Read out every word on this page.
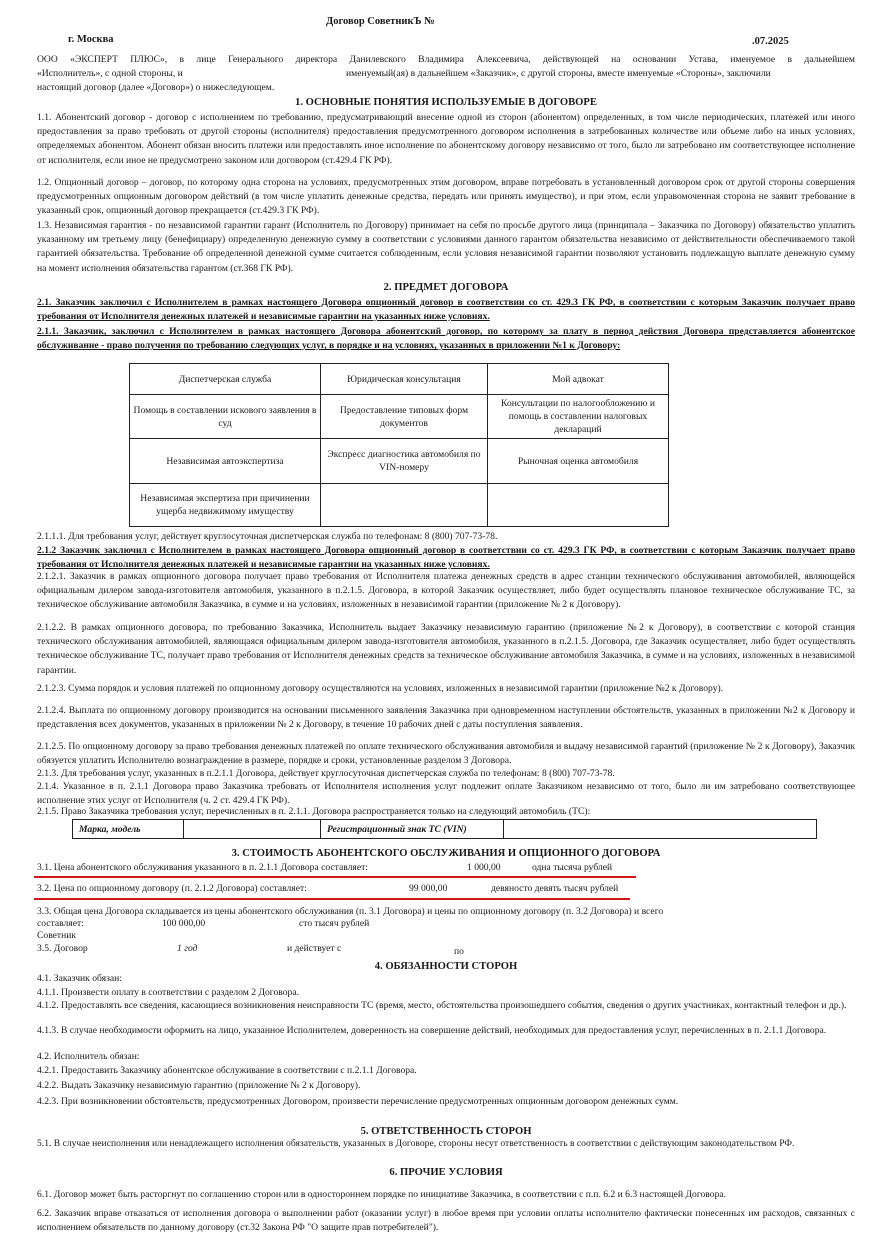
Договор СоветникЪ №
г. Москва	.07.2025
ООО «ЭКСПЕРТ ПЛЮС», в лице Генерального директора Данилевского Владимира Алексеевича, действующей на основании Устава, именуемое в дальнейшем
«Исполнитель», с одной стороны, и	именуемый(ая) в дальнейшем «Заказчик», с другой стороны, вместе именуемые «Стороны», заключили
настоящий договор (далее «Договор») о нижеследующем.
1. ОСНОВНЫЕ ПОНЯТИЯ ИСПОЛЬЗУЕМЫЕ В ДОГОВОРЕ
1.1. Абонентский договор - договор с исполнением по требованию, предусматривающий внесение одной из сторон (абонентом) определенных, в том числе периодических, платежей или иного предоставления за право требовать от другой стороны (исполнителя) предоставления предусмотренного договором исполнения в затребованных количестве или объеме либо на иных условиях, определяемых абонентом. Абонент обязан вносить платежи или предоставлять иное исполнение по абонентскому договору независимо от того, было ли затребовано им соответствующее исполнение от исполнителя, если иное не предусмотрено законом или договором (ст.429.4 ГК РФ).
1.2. Опционный договор – договор, по которому одна сторона на условиях, предусмотренных этим договором, вправе потребовать в установленный договором срок от другой стороны совершения предусмотренных опционным договором действий (в том числе уплатить денежные средства, передать или принять имущество), и при этом, если управомоченная сторона не заявит требование в указанный срок, опционный договор прекращается (ст.429.3 ГК РФ).
1.3. Независимая гарантия - по независимой гарантии гарант (Исполнитель по Договору) принимает на себя по просьбе другого лица (принципала – Заказчика по Договору) обязательство уплатить указанному им третьему лицу (бенефициару) определенную денежную сумму в соответствии с условиями данного гарантом обязательства независимо от действительности обеспечиваемого такой гарантией обязательства. Требование об определенной денежной сумме считается соблюденным, если условия независимой гарантии позволяют установить подлежащую выплате денежную сумму на момент исполнения обязательства гарантом (ст.368 ГК РФ).
2. ПРЕДМЕТ ДОГОВОРА
2.1. Заказчик заключил с Исполнителем в рамках настоящего Договора опционный договор в соответствии со ст. 429.3 ГК РФ, в соответствии с которым Заказчик получает право требования от Исполнителя денежных платежей и независимые гарантии на указанных ниже условиях.
2.1.1. Заказчик, заключил с Исполнителем в рамках настоящего Договора абонентский договор, по которому за плату в период действия Договора представляется абонентское обслуживание - право получения по требованию следующих услуг, в порядке и на условиях, указанных в приложении №1 к Договору:
Диспетчерская служба	Юридическая консультация	Мой адвокат
Помощь в составлении искового заявления в суд	Предоставление типовых форм документов	Консультации по налогообложению и помощь в составлении налоговых деклараций
Независимая автоэкспертиза	Экспресс диагностика автомобиля по VIN-номеру	Рыночная оценка автомобиля
Независимая экспертиза при причинении ущерба недвижимому имуществу		
2.1.1.1. Для требования услуг, действует круглосуточная диспетчерская служба по телефонам: 8 (800) 707-73-78.
2.1.2 Заказчик заключил с Исполнителем в рамках настоящего Договора опционный договор в соответствии со ст. 429.3 ГК РФ, в соответствии с которым Заказчик получает право требования от Исполнителя денежных платежей и независимые гарантии на указанных ниже условиях.
2.1.2.1. Заказчик в рамках опционного договора получает право требования от Исполнителя платежа денежных средств в адрес станции технического обслуживания автомобилей, являющейся официальным дилером завода-изготовителя автомобиля, указанного в п.2.1.5. Договора, в которой Заказчик осуществляет, либо будет осуществлять плановое техническое обслуживание ТС, за техническое обслуживание автомобиля Заказчика, в сумме и на условиях, изложенных в независимой гарантии (приложение № 2 к Договору).
2.1.2.2. В рамках опционного договора, по требованию Заказчика, Исполнитель выдает Заказчику независимую гарантию (приложение №2 к Договору), в соответствии с которой станция технического обслуживания автомобилей, являющаяся официальным дилером завода-изготовителя автомобиля, указанного в п.2.1.5. Договора, где Заказчик осуществляет, либо будет осуществлять техническое обслуживание ТС, получает право требования от Исполнителя денежных средств за техническое обслуживание автомобиля Заказчика, в сумме и на условиях, изложенных в независимой гарантии.
2.1.2.3. Сумма порядок и условия платежей по опционному договору осуществляются на условиях, изложенных в независимой гарантии (приложение №2 к Договору).
2.1.2.4. Выплата по опционному договору производится на основании письменного заявления Заказчика при одновременном наступлении обстоятельств, указанных в приложении №2 к Договору и представления всех документов, указанных в приложении № 2 к Договору, в течение 10 рабочих дней с даты поступления заявления.
2.1.2.5. По опционному договору за право требования денежных платежей по оплате технического обслуживания автомобиля и выдачу независимой гарантий (приложение № 2 к Договору), Заказчик обязуется уплатить Исполнителю вознаграждение в размере, порядке и сроки, установленные разделом 3 Договора.
2.1.3. Для требования услуг, указанных в п.2.1.1 Договора, действует круглосуточная диспетчерская служба по телефонам: 8 (800) 707-73-78.
2.1.4. Указанное в п. 2.1.1 Договора право Заказчика требовать от Исполнителя исполнения услуг подлежит оплате Заказчиком независимо от того, было ли им затребовано соответствующее исполнение этих услуг от Исполнителя (ч. 2 ст. 429.4 ГК РФ).
2.1.5. Право Заказчика требования услуг, перечисленных в п. 2.1.1. Договора распространяется только на следующий автомобиль (ТС):
Марка, модель		Регистрационный знак ТС (VIN)	
3. СТОИМОСТЬ АБОНЕНТСКОГО ОБСЛУЖИВАНИЯ И ОПЦИОННОГО ДОГОВОРА
3.1. Цена абонентского обслуживания указанного в п. 2.1.1 Договора составляет:	1 000,00	одна тысяча рублей
3.2. Цена по опционному договору (п. 2.1.2 Договора) составляет:	99 000,00	девяносто девять тысяч рублей
3.3. Общая цена Договора складывается из цены абонентского обслуживания (п. 3.1 Договора) и цены по опционному договору (п. 3.2 Договора) и всего
составляет:	100 000,00	сто тысяч рублей
Советник
3.5. Договор	1 год	и действует с	по
4. ОБЯЗАННОСТИ СТОРОН
4.1. Заказчик обязан:
4.1.1. Произвести оплату в соответствии с разделом 2 Договора.
4.1.2. Предоставлять все сведения, касающиеся возникновения неисправности ТС (время, место, обстоятельства произошедшего события, сведения о других участниках, контактный телефон и др.).
4.1.3. В случае необходимости оформить на лицо, указанное Исполнителем, доверенность на совершение действий, необходимых для предоставления услуг, перечисленных в п. 2.1.1 Договора.
4.2. Исполнитель обязан:
4.2.1. Предоставить Заказчику абонентское обслуживание в соответствии с п.2.1.1 Договора.
4.2.2. Выдать Заказчику независимую гарантию (приложение № 2 к Договору).
4.2.3. При возникновении обстоятельств, предусмотренных Договором, произвести перечисление предусмотренных опционным договором денежных сумм.
5. ОТВЕТСТВЕННОСТЬ СТОРОН
5.1. В случае неисполнения или ненадлежащего исполнения обязательств, указанных в Договоре, стороны несут ответственность в соответствии с действующим законодательством РФ.
6. ПРОЧИЕ УСЛОВИЯ
6.1. Договор может быть расторгнут по соглашению сторон или в одностороннем порядке по инициативе Заказчика, в соответствии с п.п. 6.2 и 6.3 настоящей Договора.
6.2. Заказчик вправе отказаться от исполнения договора о выполнении работ (оказании услуг) в любое время при условии оплаты исполнителю фактически понесенных им расходов, связанных с исполнением обязательств по данному договору (ст.32 Закона РФ "О защите прав потребителей").
